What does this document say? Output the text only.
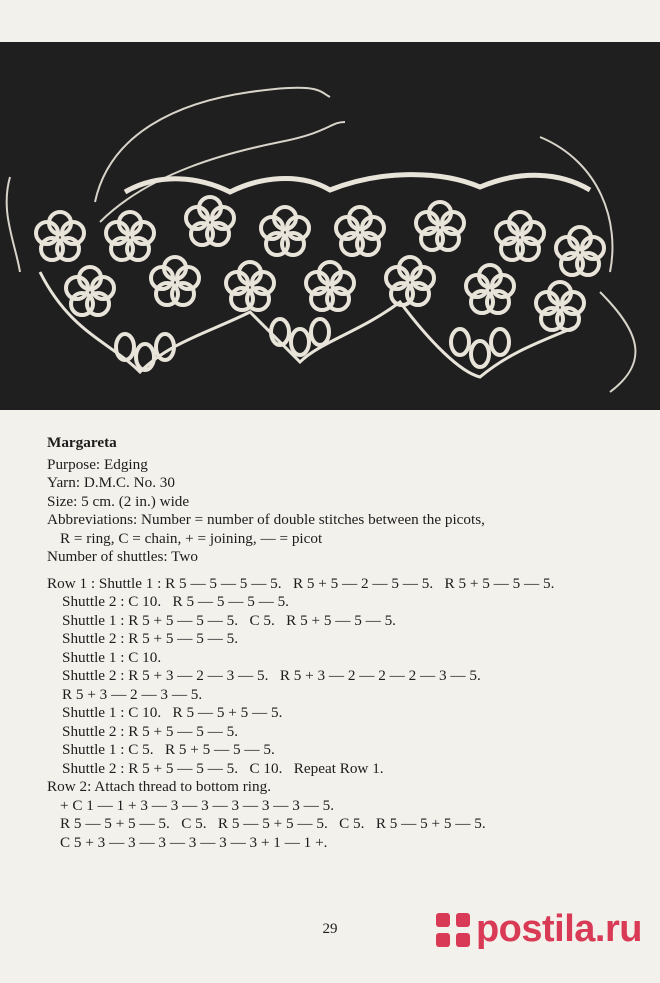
Margareta
Purpose: Edging
Yarn: D.M.C. No. 30
Size: 5 cm. (2 in.) wide
Abbreviations: Number = number of double stitches between the picots,
R = ring, C = chain, + = joining, — = picot
Number of shuttles: Two
Row 1 : Shuttle 1 : R 5 — 5 — 5 — 5.   R 5 + 5 — 2 — 5 — 5.   R 5 + 5 — 5 — 5.
Shuttle 2 : C 10.   R 5 — 5 — 5 — 5.
Shuttle 1 : R 5 + 5 — 5 — 5.   C 5.   R 5 + 5 — 5 — 5.
Shuttle 2 : R 5 + 5 — 5 — 5.
Shuttle 1 : C 10.
Shuttle 2 : R 5 + 3 — 2 — 3 — 5.   R 5 + 3 — 2 — 2 — 2 — 3 — 5.
R 5 + 3 — 2 — 3 — 5.
Shuttle 1 : C 10.   R 5 — 5 + 5 — 5.
Shuttle 2 : R 5 + 5 — 5 — 5.
Shuttle 1 : C 5.   R 5 + 5 — 5 — 5.
Shuttle 2 : R 5 + 5 — 5 — 5.   C 10.   Repeat Row 1.
Row 2: Attach thread to bottom ring.
+ C 1 — 1 + 3 — 3 — 3 — 3 — 3 — 3 — 5.
R 5 — 5 + 5 — 5.   C 5.   R 5 — 5 + 5 — 5.   C 5.   R 5 — 5 + 5 — 5.
C 5 + 3 — 3 — 3 — 3 — 3 — 3 + 1 — 1 +.
29	postila.ru
